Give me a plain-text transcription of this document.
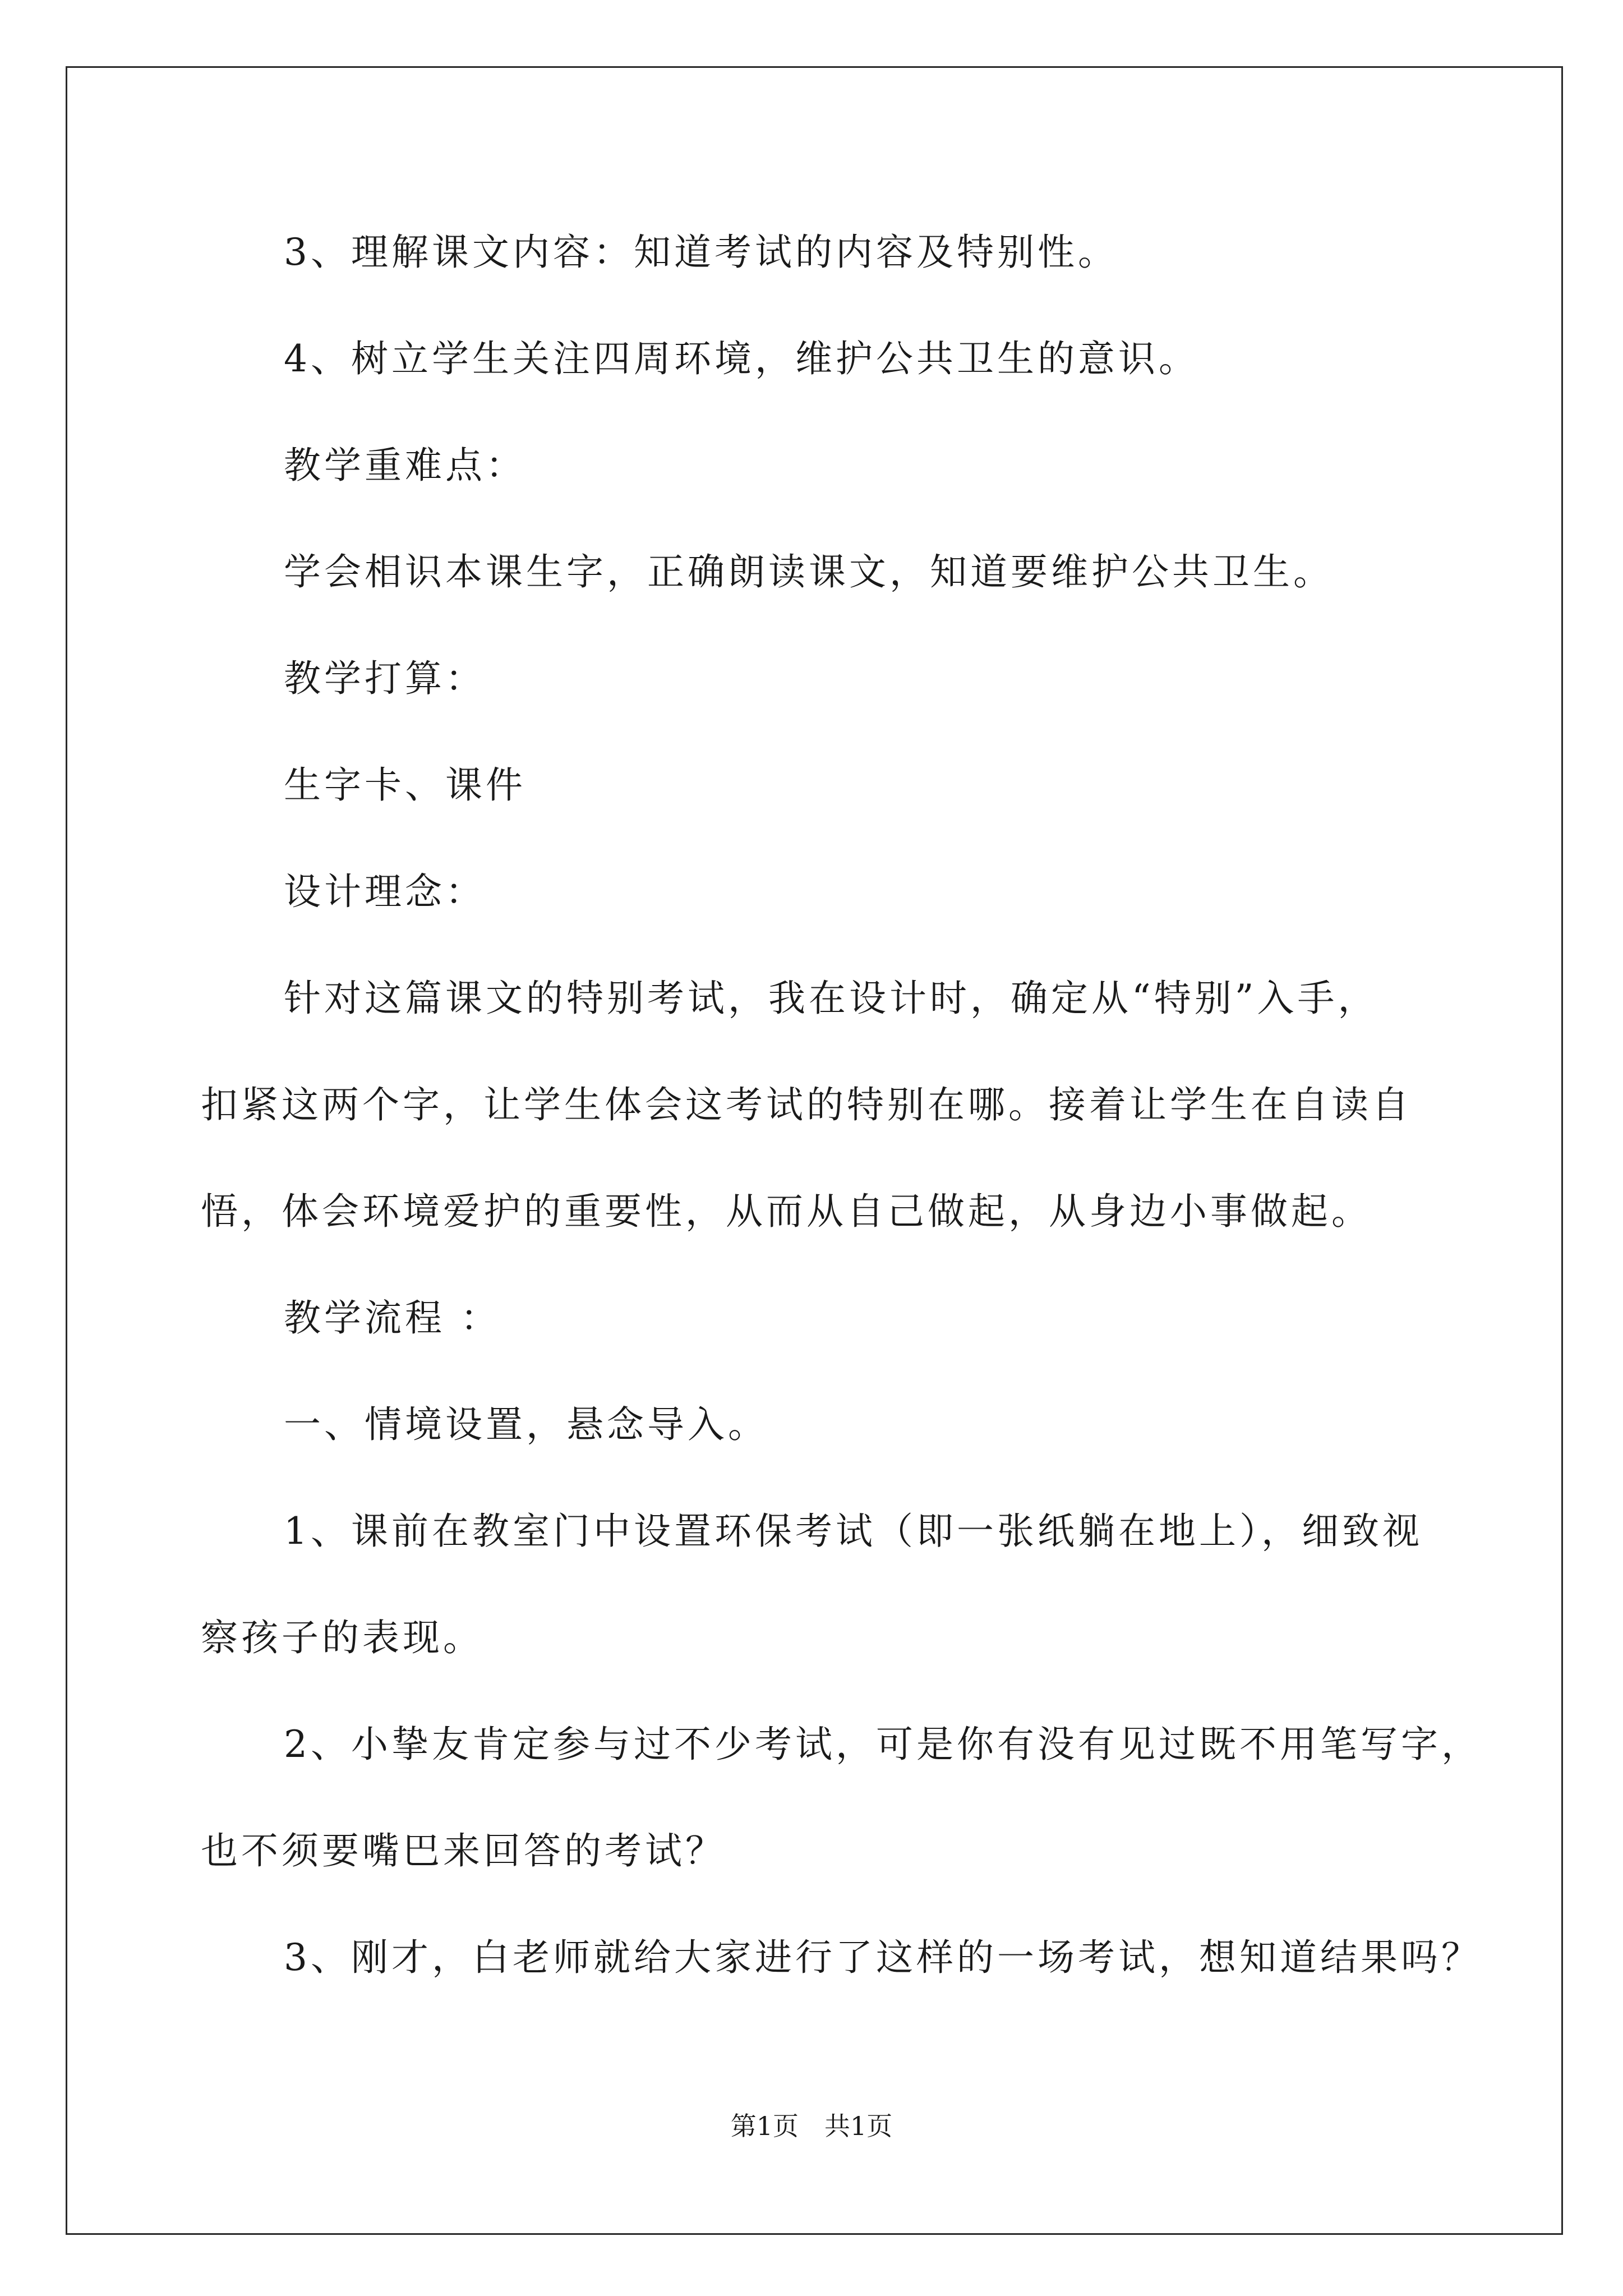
3、理解课文内容：知道考试的内容及特别性。
4、树立学生关注四周环境，维护公共卫生的意识。
教学重难点：
学会相识本课生字，正确朗读课文，知道要维护公共卫生。
教学打算：
生字卡、课件
设计理念：
针对这篇课文的特别考试，我在设计时，确定从“特别”入手，
扣紧这两个字，让学生体会这考试的特别在哪。接着让学生在自读自
悟，体会环境爱护的重要性，从而从自己做起，从身边小事做起。
教学流程 ：
一、情境设置，悬念导入。
1、课前在教室门中设置环保考试（即一张纸躺在地上），细致视
察孩子的表现。
2、小挚友肯定参与过不少考试，可是你有没有见过既不用笔写字，
也不须要嘴巴来回答的考试？
3、刚才，白老师就给大家进行了这样的一场考试，想知道结果吗？
第1页　共1页
